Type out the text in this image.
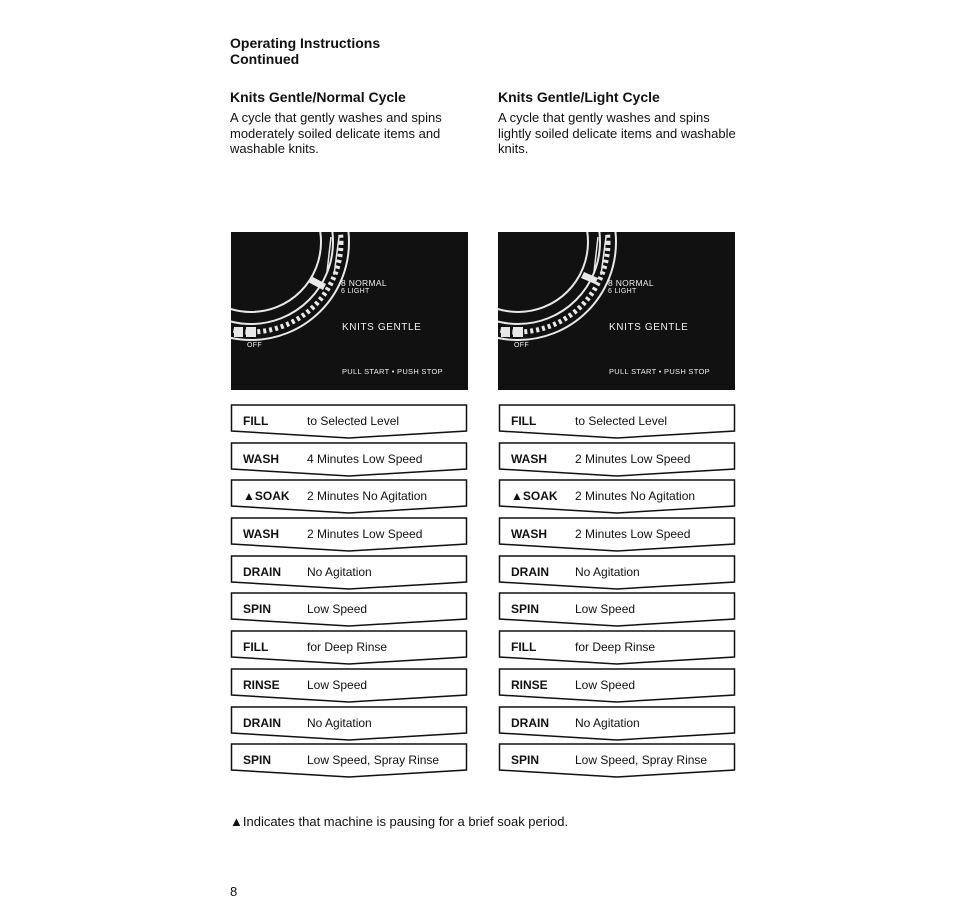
Operating Instructions
Continued
Knits Gentle/Normal Cycle

A cycle that gently washes and spins moderately soiled delicate items and washable knits.

Knits Gentle/Light Cycle

A cycle that gently washes and spins lightly soiled delicate items and washable knits.

8 NORMAL
6 LIGHT
KNITS GENTLE
OFF
PULL START • PUSH STOP
8 NORMAL
6 LIGHT
KNITS GENTLE
OFF
PULL START • PUSH STOP
FILL	to Selected Level
WASH 4 Minutes Low Speed
▲SOAK 2 Minutes No Agitation
WASH 2 Minutes Low Speed
DRAIN No Agitation
SPIN	Low Speed
FILL	for Deep Rinse
RINSE Low Speed
DRAIN No Agitation
SPIN	Low Speed, Spray Rinse
FILL	to Selected Level
WASH 2 Minutes Low Speed
▲SOAK 2 Minutes No Agitation
WASH 2 Minutes Low Speed
DRAIN No Agitation
SPIN	Low Speed
FILL	for Deep Rinse
RINSE Low Speed
DRAIN No Agitation
SPIN	Low Speed, Spray Rinse
▲Indicates that machine is pausing for a brief soak period.
8
